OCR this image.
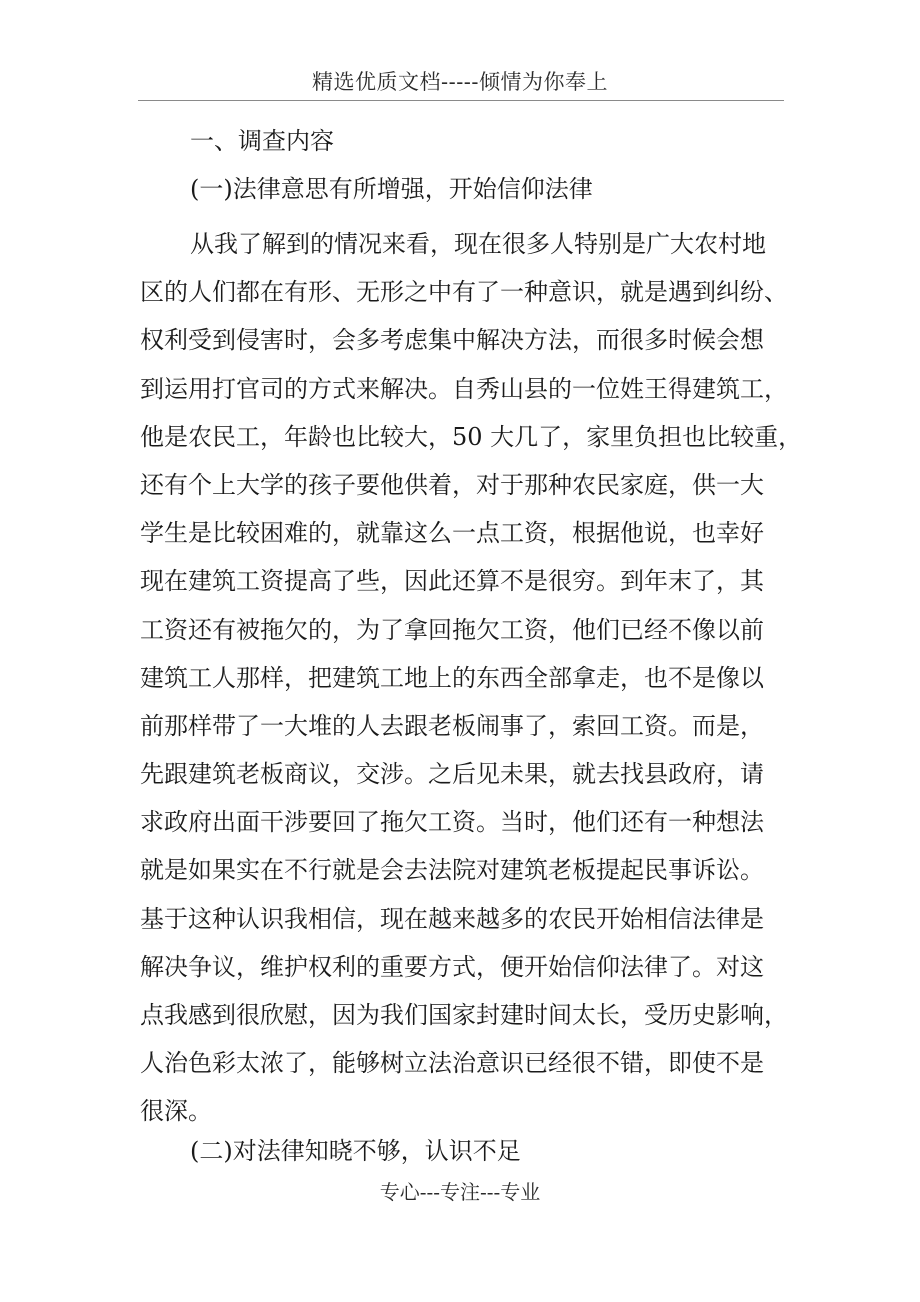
精选优质文档-----倾情为你奉上
一、调查内容
(一)法律意思有所增强，开始信仰法律
从我了解到的情况来看，现在很多人特别是广大农村地
区的人们都在有形、无形之中有了一种意识，就是遇到纠纷、
权利受到侵害时，会多考虑集中解决方法，而很多时候会想
到运用打官司的方式来解决。自秀山县的一位姓王得建筑工，
他是农民工，年龄也比较大，50 大几了，家里负担也比较重，
还有个上大学的孩子要他供着，对于那种农民家庭，供一大
学生是比较困难的，就靠这么一点工资，根据他说，也幸好
现在建筑工资提高了些，因此还算不是很穷。到年末了，其
工资还有被拖欠的，为了拿回拖欠工资，他们已经不像以前
建筑工人那样，把建筑工地上的东西全部拿走，也不是像以
前那样带了一大堆的人去跟老板闹事了，索回工资。而是，
先跟建筑老板商议，交涉。之后见未果，就去找县政府，请
求政府出面干涉要回了拖欠工资。当时，他们还有一种想法
就是如果实在不行就是会去法院对建筑老板提起民事诉讼。
基于这种认识我相信，现在越来越多的农民开始相信法律是
解决争议，维护权利的重要方式，便开始信仰法律了。对这
点我感到很欣慰，因为我们国家封建时间太长，受历史影响，
人治色彩太浓了，能够树立法治意识已经很不错，即使不是
很深。
(二)对法律知晓不够，认识不足
专心---专注---专业
